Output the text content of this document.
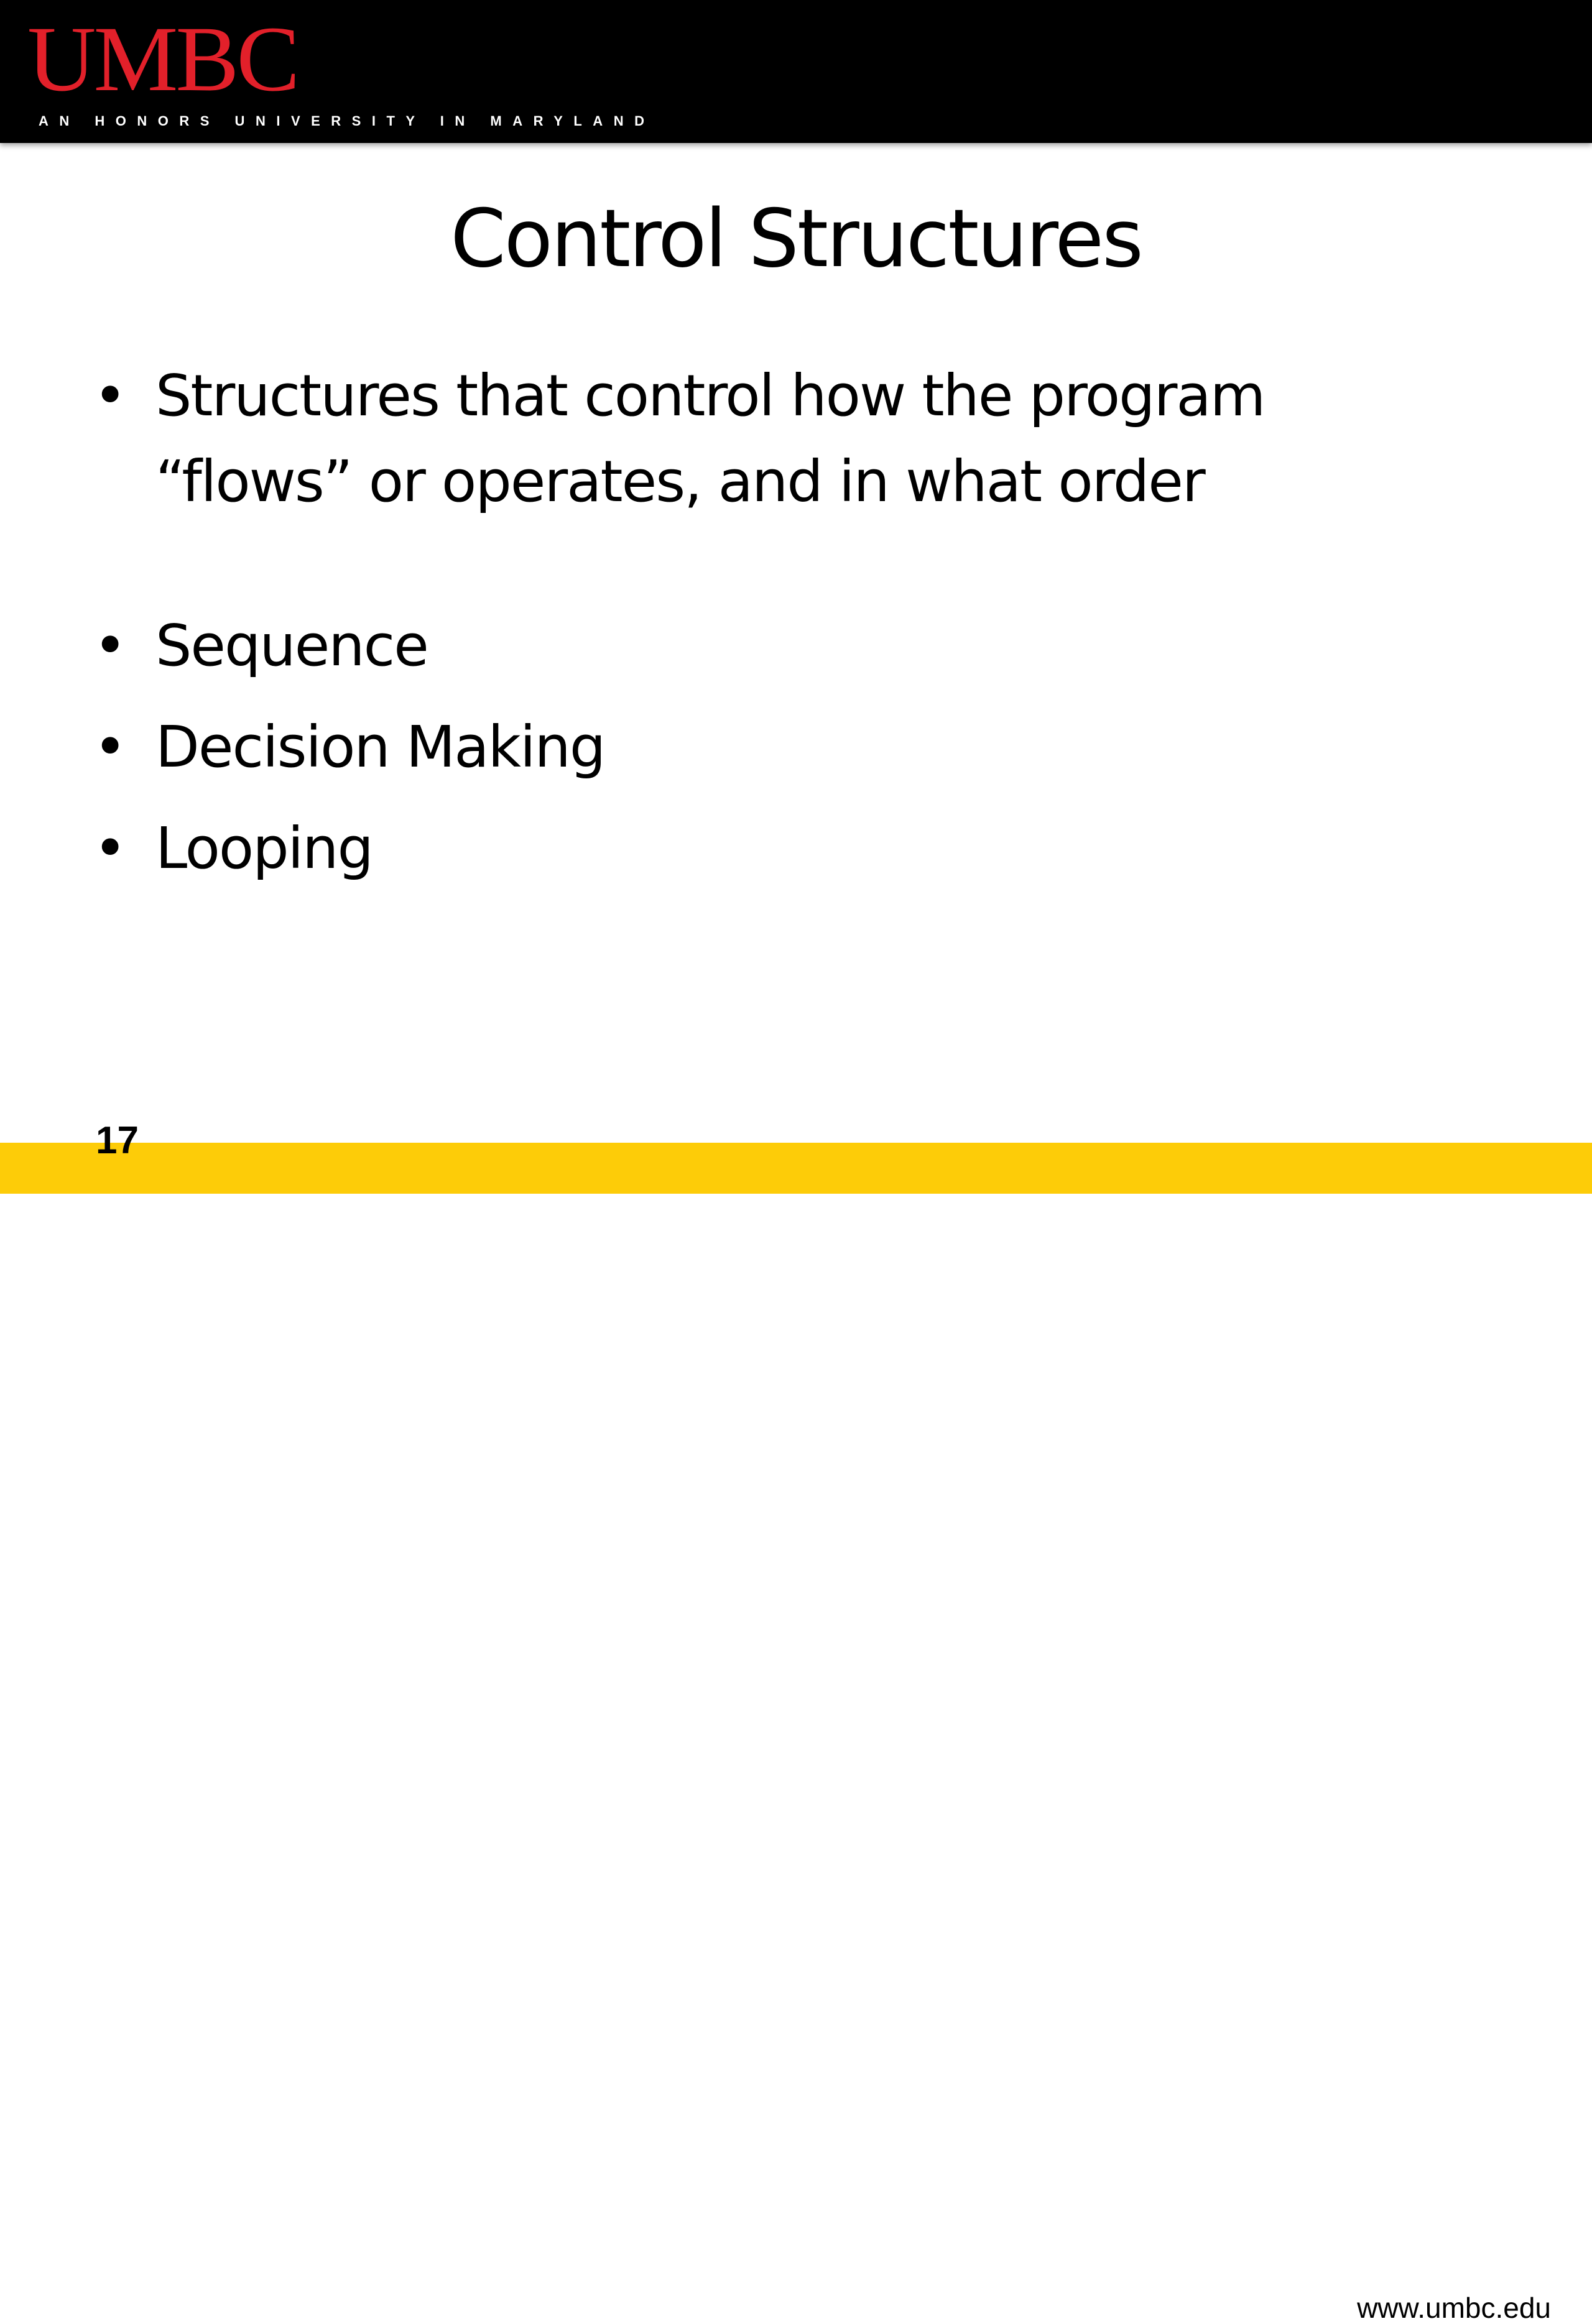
UMBC
AN HONORS UNIVERSITY IN MARYLAND
Control Structures
• Structures that control how the program
“flows” or operates, and in what order
• Sequence
• Decision Making
• Looping
www.umbc.edu
17
